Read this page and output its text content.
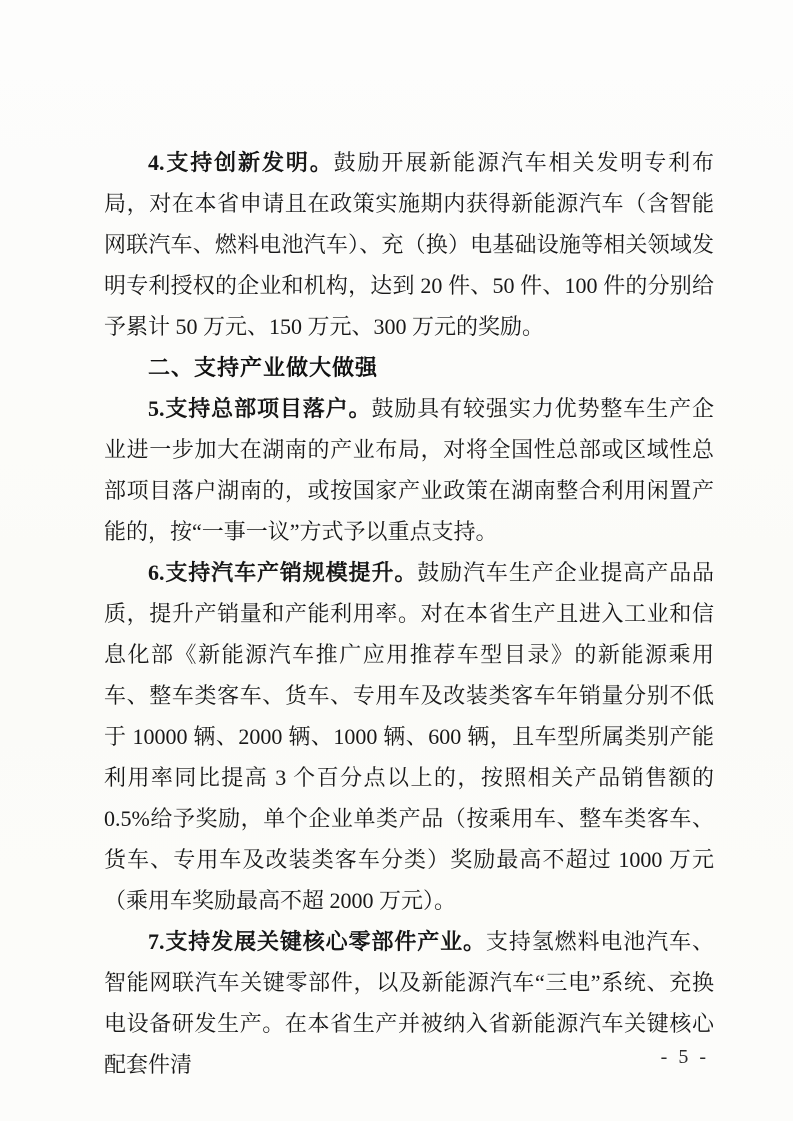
4.支持创新发明。鼓励开展新能源汽车相关发明专利布局，对在本省申请且在政策实施期内获得新能源汽车（含智能网联汽车、燃料电池汽车）、充（换）电基础设施等相关领域发明专利授权的企业和机构，达到 20 件、50 件、100 件的分别给予累计 50 万元、150 万元、300 万元的奖励。

二、支持产业做大做强

5.支持总部项目落户。鼓励具有较强实力优势整车生产企业进一步加大在湖南的产业布局，对将全国性总部或区域性总部项目落户湖南的，或按国家产业政策在湖南整合利用闲置产能的，按“一事一议”方式予以重点支持。

6.支持汽车产销规模提升。鼓励汽车生产企业提高产品品质，提升产销量和产能利用率。对在本省生产且进入工业和信息化部《新能源汽车推广应用推荐车型目录》的新能源乘用车、整车类客车、货车、专用车及改装类客车年销量分别不低于 10000 辆、2000 辆、1000 辆、600 辆，且车型所属类别产能利用率同比提高 3 个百分点以上的，按照相关产品销售额的 0.5%给予奖励，单个企业单类产品（按乘用车、整车类客车、货车、专用车及改装类客车分类）奖励最高不超过 1000 万元（乘用车奖励最高不超 2000 万元）。

7.支持发展关键核心零部件产业。支持氢燃料电池汽车、智能网联汽车关键零部件，以及新能源汽车“三电”系统、充换电设备研发生产。在本省生产并被纳入省新能源汽车关键核心配套件清	- 5 -
